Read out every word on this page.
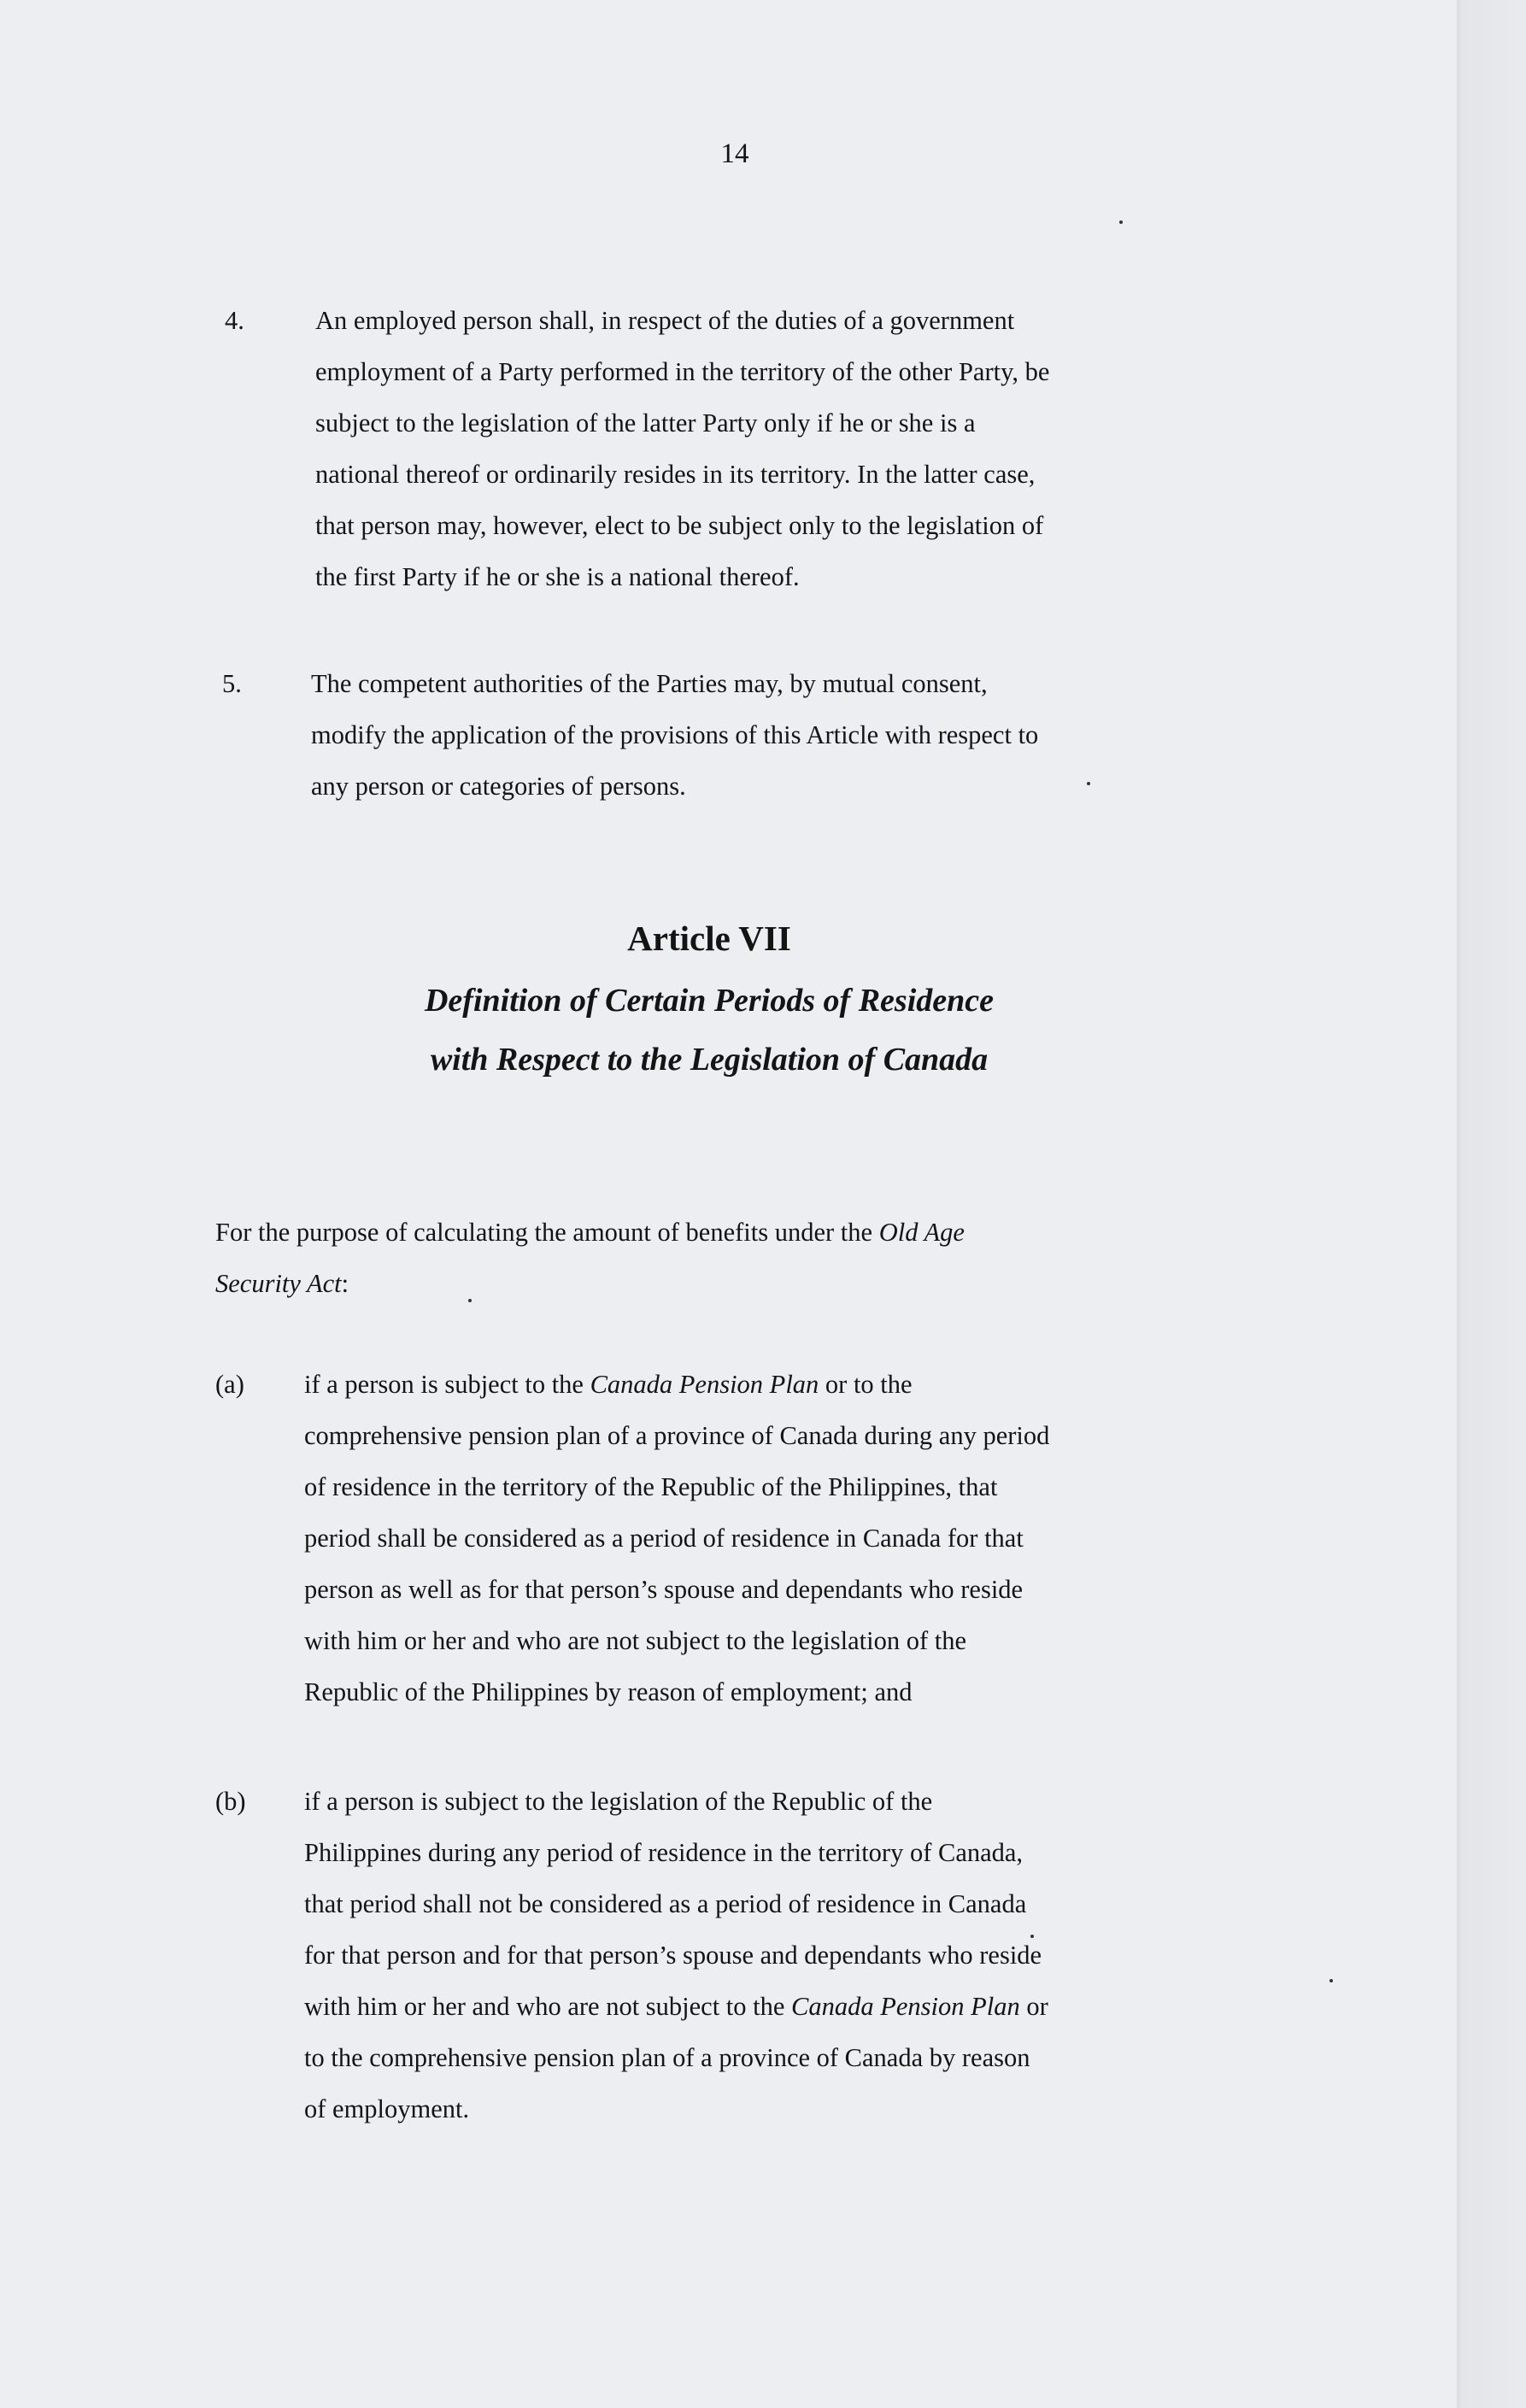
14
4.	An employed person shall, in respect of the duties of a government
employment of a Party performed in the territory of the other Party, be
subject to the legislation of the latter Party only if he or she is a
national thereof or ordinarily resides in its territory. In the latter case,
that person may, however, elect to be subject only to the legislation of
the first Party if he or she is a national thereof.
5.	The competent authorities of the Parties may, by mutual consent,
modify the application of the provisions of this Article with respect to
any person or categories of persons.
Article VII
Definition of Certain Periods of Residence
with Respect to the Legislation of Canada
For the purpose of calculating the amount of benefits under the Old Age
Security Act:
(a) if a person is subject to the Canada Pension Plan or to the
comprehensive pension plan of a province of Canada during any period
of residence in the territory of the Republic of the Philippines, that
period shall be considered as a period of residence in Canada for that
person as well as for that person’s spouse and dependants who reside
with him or her and who are not subject to the legislation of the
Republic of the Philippines by reason of employment; and
(b) if a person is subject to the legislation of the Republic of the
Philippines during any period of residence in the territory of Canada,
that period shall not be considered as a period of residence in Canada
for that person and for that person’s spouse and dependants who reside
with him or her and who are not subject to the Canada Pension Plan or
to the comprehensive pension plan of a province of Canada by reason
of employment.
